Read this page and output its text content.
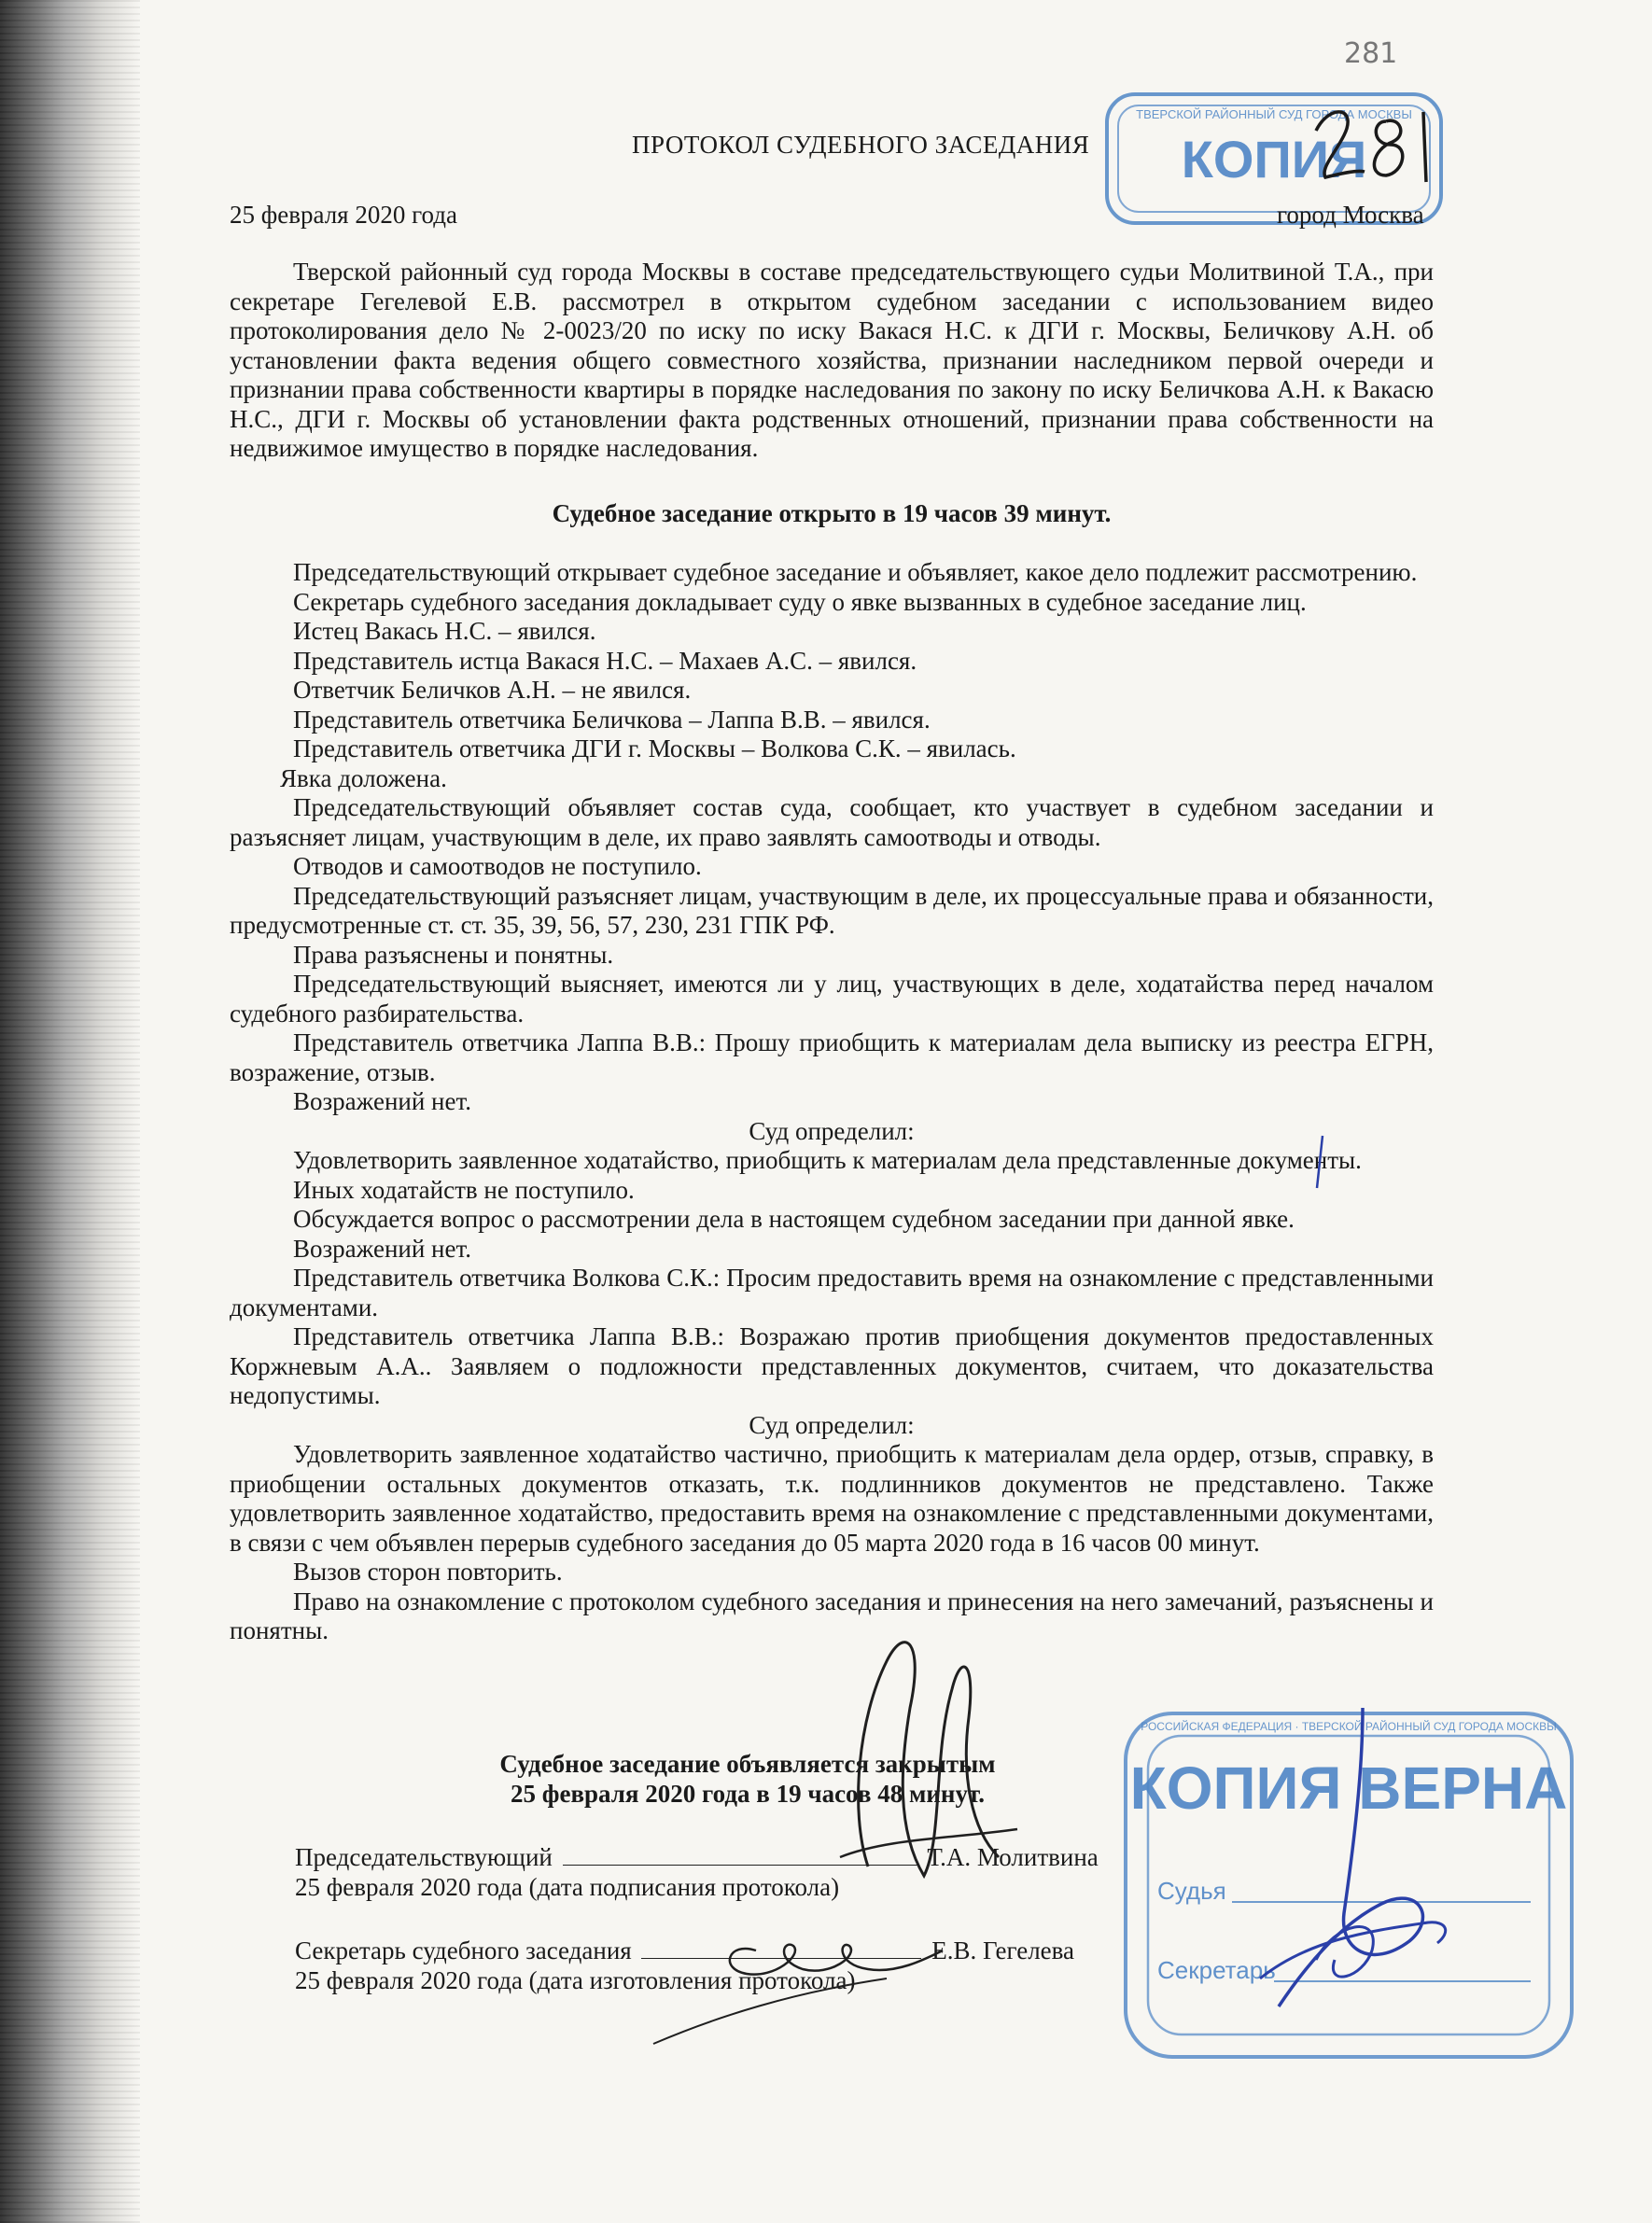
ТВЕРСКОЙ РАЙОННЫЙ СУД ГОРОДА МОСКВЫ
КОПИЯ
281
ПРОТОКОЛ СУДЕБНОГО ЗАСЕДАНИЯ
25 февраля 2020 года	город Москва

Тверской районный суд города Москвы в составе председательствующего судьи Молитвиной Т.А., при секретаре Гегелевой Е.В. рассмотрел в открытом судебном заседании с использованием видео протоколирования дело № 2-0023/20 по иску по иску Вакася Н.С. к ДГИ г. Москвы, Беличкову А.Н. об установлении факта ведения общего совместного хозяйства, признании наследником первой очереди и признании права собственности квартиры в порядке наследования по закону по иску Беличкова А.Н. к Вакасю Н.С., ДГИ г. Москвы об установлении факта родственных отношений, признании права собственности на недвижимое имущество в порядке наследования.

Судебное заседание открыто в 19 часов 39 минут.

Председательствующий открывает судебное заседание и объявляет, какое дело подлежит рассмотрению.

Секретарь судебного заседания докладывает суду о явке вызванных в судебное заседание лиц.

Истец Вакась Н.С. – явился.

Представитель истца Вакася Н.С. – Махаев А.С. – явился.

Ответчик Беличков А.Н. – не явился.

Представитель ответчика Беличкова – Лаппа В.В. – явился.

Представитель ответчика ДГИ г. Москвы – Волкова С.К. – явилась.

Явка доложена.

Председательствующий объявляет состав суда, сообщает, кто участвует в судебном заседании и разъясняет лицам, участвующим в деле, их право заявлять самоотводы и отводы.

Отводов и самоотводов не поступило.

Председательствующий разъясняет лицам, участвующим в деле, их процессуальные права и обязанности, предусмотренные ст. ст. 35, 39, 56, 57, 230, 231 ГПК РФ.

Права разъяснены и понятны.

Председательствующий выясняет, имеются ли у лиц, участвующих в деле, ходатайства перед началом судебного разбирательства.

Представитель ответчика Лаппа В.В.: Прошу приобщить к материалам дела выписку из реестра ЕГРН, возражение, отзыв.

Возражений нет.

Суд определил:

Удовлетворить заявленное ходатайство, приобщить к материалам дела представленные документы.

Иных ходатайств не поступило.

Обсуждается вопрос о рассмотрении дела в настоящем судебном заседании при данной явке.

Возражений нет.

Представитель ответчика Волкова С.К.: Просим предоставить время на ознакомление с представленными документами.

Представитель ответчика Лаппа В.В.: Возражаю против приобщения документов предоставленных Коржневым А.А.. Заявляем о подложности представленных документов, считаем, что доказательства недопустимы.

Суд определил:

Удовлетворить заявленное ходатайство частично, приобщить к материалам дела ордер, отзыв, справку, в приобщении остальных документов отказать, т.к. подлинников документов не представлено. Также удовлетворить заявленное ходатайство, предоставить время на ознакомление с представленными документами, в связи с чем объявлен перерыв судебного заседания до 05 марта 2020 года в 16 часов 00 минут.

Вызов сторон повторить.

Право на ознакомление с протоколом судебного заседания и принесения на него замечаний, разъяснены и понятны.

Судебное заседание объявляется закрытым

25 февраля 2020 года в 19 часов 48 минут.

Председательствующий	Т.А. Молитвина
25 февраля 2020 года (дата подписания протокола)
Секретарь судебного заседания	Е.В. Гегелева
25 февраля 2020 года (дата изготовления протокола)
РОССИЙСКАЯ ФЕДЕРАЦИЯ · ТВЕРСКОЙ РАЙОННЫЙ СУД ГОРОДА МОСКВЫ
КОПИЯ ВЕРНА
Судья
Секретарь
